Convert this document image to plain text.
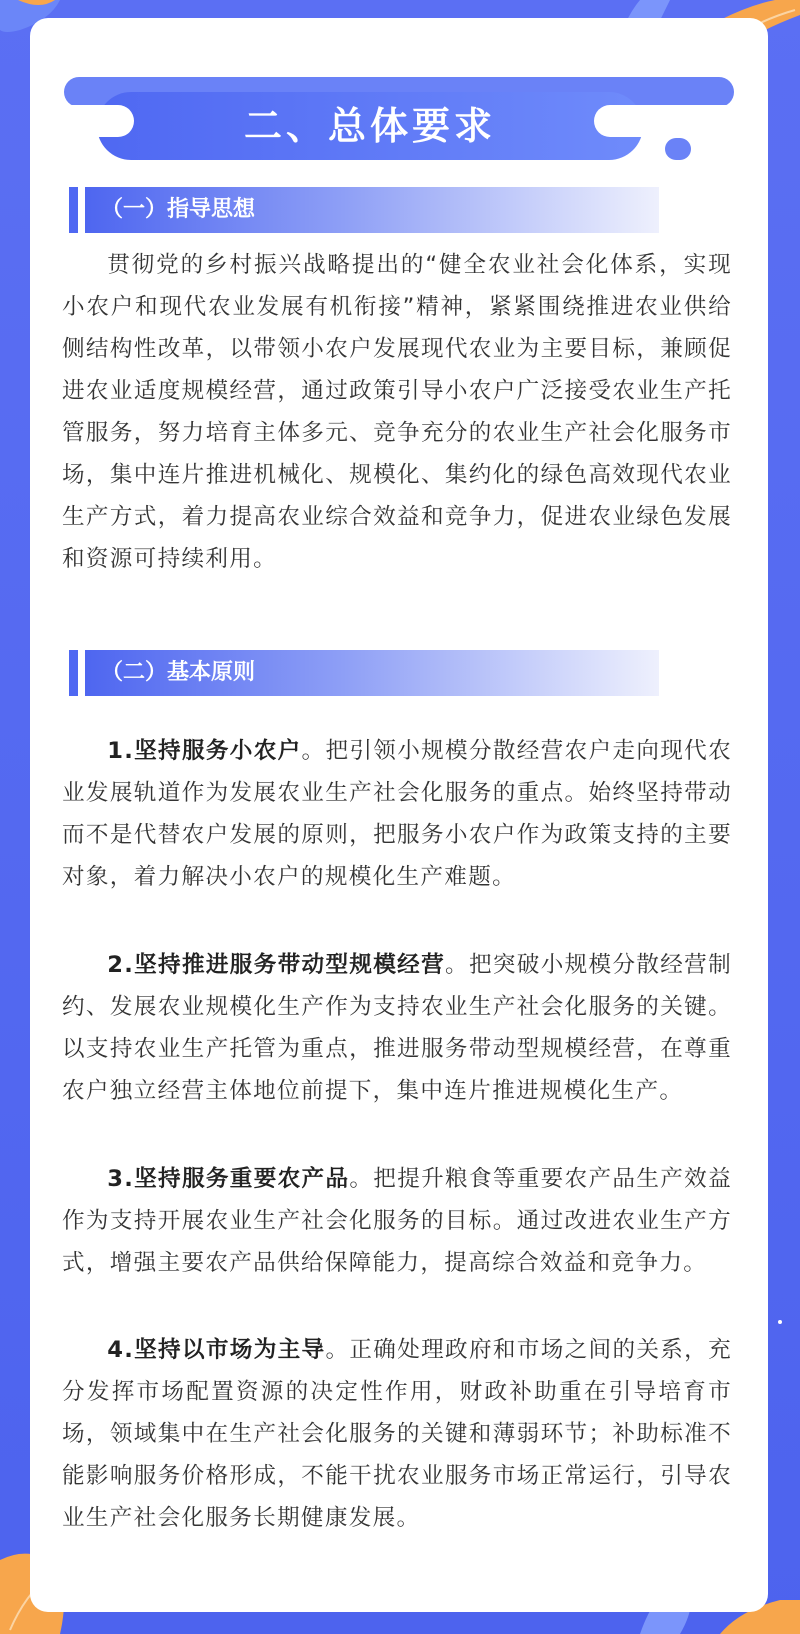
二、总体要求
（一）指导思想

贯彻党的乡村振兴战略提出的“健全农业社会化体系，实现小农户和现代农业发展有机衔接”精神，紧紧围绕推进农业供给侧结构性改革，以带领小农户发展现代农业为主要目标，兼顾促进农业适度规模经营，通过政策引导小农户广泛接受农业生产托管服务，努力培育主体多元、竞争充分的农业生产社会化服务市场，集中连片推进机械化、规模化、集约化的绿色高效现代农业生产方式，着力提高农业综合效益和竞争力，促进农业绿色发展和资源可持续利用。

（二）基本原则

1.坚持服务小农户。把引领小规模分散经营农户走向现代农业发展轨道作为发展农业生产社会化服务的重点。始终坚持带动而不是代替农户发展的原则，把服务小农户作为政策支持的主要对象，着力解决小农户的规模化生产难题。

2.坚持推进服务带动型规模经营。把突破小规模分散经营制约、发展农业规模化生产作为支持农业生产社会化服务的关键。以支持农业生产托管为重点，推进服务带动型规模经营，在尊重农户独立经营主体地位前提下，集中连片推进规模化生产。

3.坚持服务重要农产品。把提升粮食等重要农产品生产效益作为支持开展农业生产社会化服务的目标。通过改进农业生产方式，增强主要农产品供给保障能力，提高综合效益和竞争力。

4.坚持以市场为主导。正确处理政府和市场之间的关系，充分发挥市场配置资源的决定性作用，财政补助重在引导培育市场，领域集中在生产社会化服务的关键和薄弱环节；补助标准不能影响服务价格形成，不能干扰农业服务市场正常运行，引导农业生产社会化服务长期健康发展。
